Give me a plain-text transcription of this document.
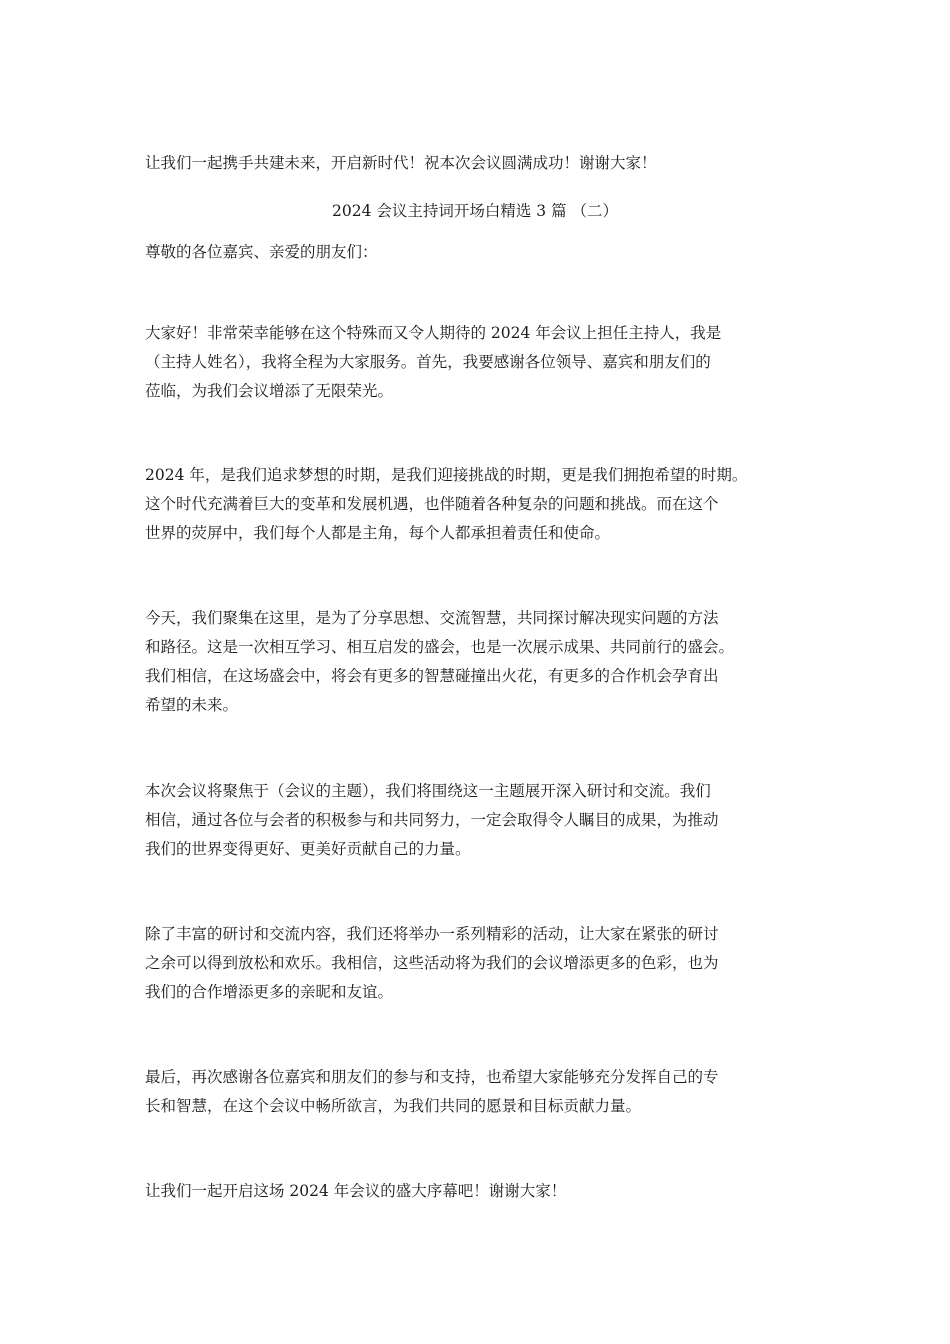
让我们一起携手共建未来，开启新时代！祝本次会议圆满成功！谢谢大家！
2024 会议主持词开场白精选 3 篇 （二）
尊敬的各位嘉宾、亲爱的朋友们：
大家好！非常荣幸能够在这个特殊而又令人期待的 2024 年会议上担任主持人，我是
（主持人姓名），我将全程为大家服务。首先，我要感谢各位领导、嘉宾和朋友们的
莅临，为我们会议增添了无限荣光。
2024 年，是我们追求梦想的时期，是我们迎接挑战的时期，更是我们拥抱希望的时期。
这个时代充满着巨大的变革和发展机遇，也伴随着各种复杂的问题和挑战。而在这个
世界的荧屏中，我们每个人都是主角，每个人都承担着责任和使命。
今天，我们聚集在这里，是为了分享思想、交流智慧，共同探讨解决现实问题的方法
和路径。这是一次相互学习、相互启发的盛会，也是一次展示成果、共同前行的盛会。
我们相信，在这场盛会中，将会有更多的智慧碰撞出火花，有更多的合作机会孕育出
希望的未来。
本次会议将聚焦于（会议的主题），我们将围绕这一主题展开深入研讨和交流。我们
相信，通过各位与会者的积极参与和共同努力，一定会取得令人瞩目的成果，为推动
我们的世界变得更好、更美好贡献自己的力量。
除了丰富的研讨和交流内容，我们还将举办一系列精彩的活动，让大家在紧张的研讨
之余可以得到放松和欢乐。我相信，这些活动将为我们的会议增添更多的色彩，也为
我们的合作增添更多的亲昵和友谊。
最后，再次感谢各位嘉宾和朋友们的参与和支持，也希望大家能够充分发挥自己的专
长和智慧，在这个会议中畅所欲言，为我们共同的愿景和目标贡献力量。
让我们一起开启这场 2024 年会议的盛大序幕吧！谢谢大家！
